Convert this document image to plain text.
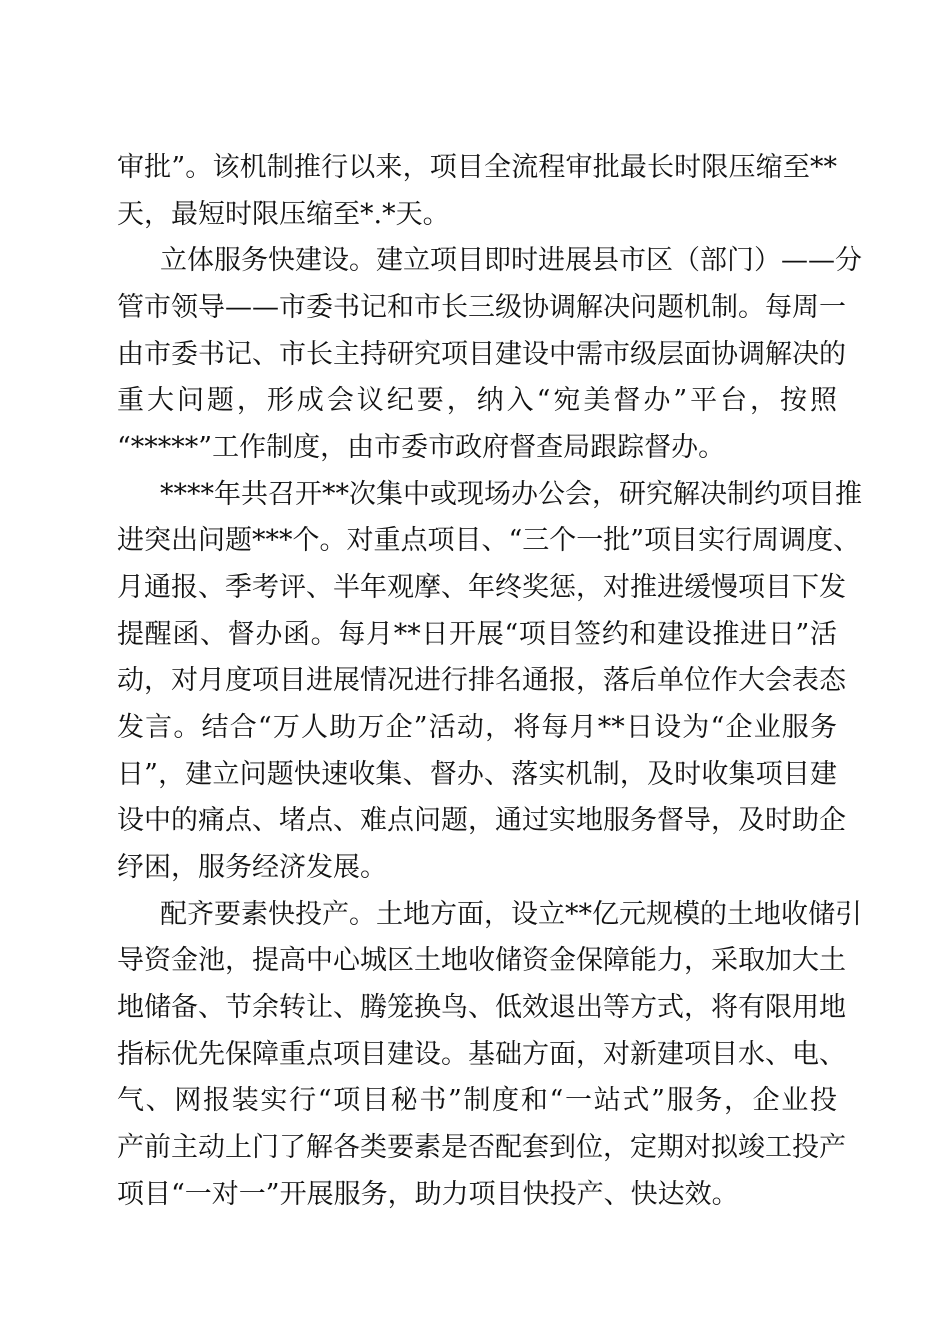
审批”。该机制推行以来，项目全流程审批最长时限压缩至**
天，最短时限压缩至*.*天。
立体服务快建设。建立项目即时进展县市区（部门）——分
管市领导——市委书记和市长三级协调解决问题机制。每周一
由市委书记、市长主持研究项目建设中需市级层面协调解决的
重大问题，形成会议纪要，纳入“宛美督办”平台，按照
“*****”工作制度，由市委市政府督查局跟踪督办。
****年共召开**次集中或现场办公会，研究解决制约项目推
进突出问题***个。对重点项目、“三个一批”项目实行周调度、
月通报、季考评、半年观摩、年终奖惩，对推进缓慢项目下发
提醒函、督办函。每月**日开展“项目签约和建设推进日”活
动，对月度项目进展情况进行排名通报，落后单位作大会表态
发言。结合“万人助万企”活动，将每月**日设为“企业服务
日”，建立问题快速收集、督办、落实机制，及时收集项目建
设中的痛点、堵点、难点问题，通过实地服务督导，及时助企
纾困，服务经济发展。
配齐要素快投产。土地方面，设立**亿元规模的土地收储引
导资金池，提高中心城区土地收储资金保障能力，采取加大土
地储备、节余转让、腾笼换鸟、低效退出等方式，将有限用地
指标优先保障重点项目建设。基础方面，对新建项目水、电、
气、网报装实行“项目秘书”制度和“一站式”服务，企业投
产前主动上门了解各类要素是否配套到位，定期对拟竣工投产
项目“一对一”开展服务，助力项目快投产、快达效。
